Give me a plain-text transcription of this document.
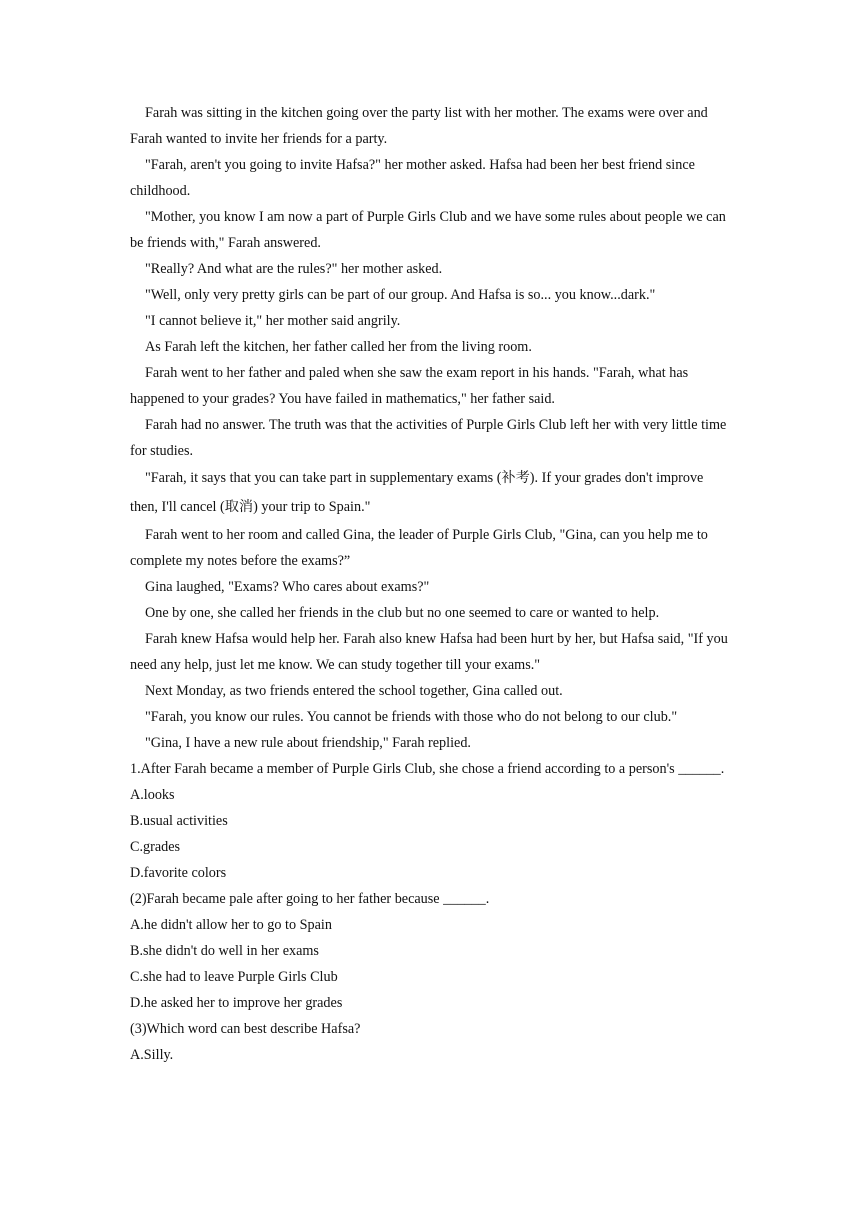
Farah was sitting in the kitchen going over the party list with her mother. The exams were over and Farah wanted to invite her friends for a party.

"Farah, aren't you going to invite Hafsa?" her mother asked. Hafsa had been her best friend since childhood.

"Mother, you know I am now a part of Purple Girls Club and we have some rules about people we can be friends with," Farah answered.

"Really? And what are the rules?" her mother asked.

"Well, only very pretty girls can be part of our group. And Hafsa is so... you know...dark."

"I cannot believe it," her mother said angrily.

As Farah left the kitchen, her father called her from the living room.

Farah went to her father and paled when she saw the exam report in his hands. "Farah, what has happened to your grades? You have failed in mathematics," her father said.

Farah had no answer. The truth was that the activities of Purple Girls Club left her with very little time for studies.

"Farah, it says that you can take part in supplementary exams (补考). If your grades don't improve then, I'll cancel (取消) your trip to Spain."

Farah went to her room and called Gina, the leader of Purple Girls Club, "Gina, can you help me to complete my notes before the exams?”

Gina laughed, "Exams? Who cares about exams?"

One by one, she called her friends in the club but no one seemed to care or wanted to help.

Farah knew Hafsa would help her. Farah also knew Hafsa had been hurt by her, but Hafsa said, "If you need any help, just let me know. We can study together till your exams."

Next Monday, as two friends entered the school together, Gina called out.

"Farah, you know our rules. You cannot be friends with those who do not belong to our club."

"Gina, I have a new rule about friendship," Farah replied.

1.After Farah became a member of Purple Girls Club, she chose a friend according to a person's ______.

A.looks

B.usual activities

C.grades

D.favorite colors

(2)Farah became pale after going to her father because ______.

A.he didn't allow her to go to Spain

B.she didn't do well in her exams

C.she had to leave Purple Girls Club

D.he asked her to improve her grades

(3)Which word can best describe Hafsa?

A.Silly.
